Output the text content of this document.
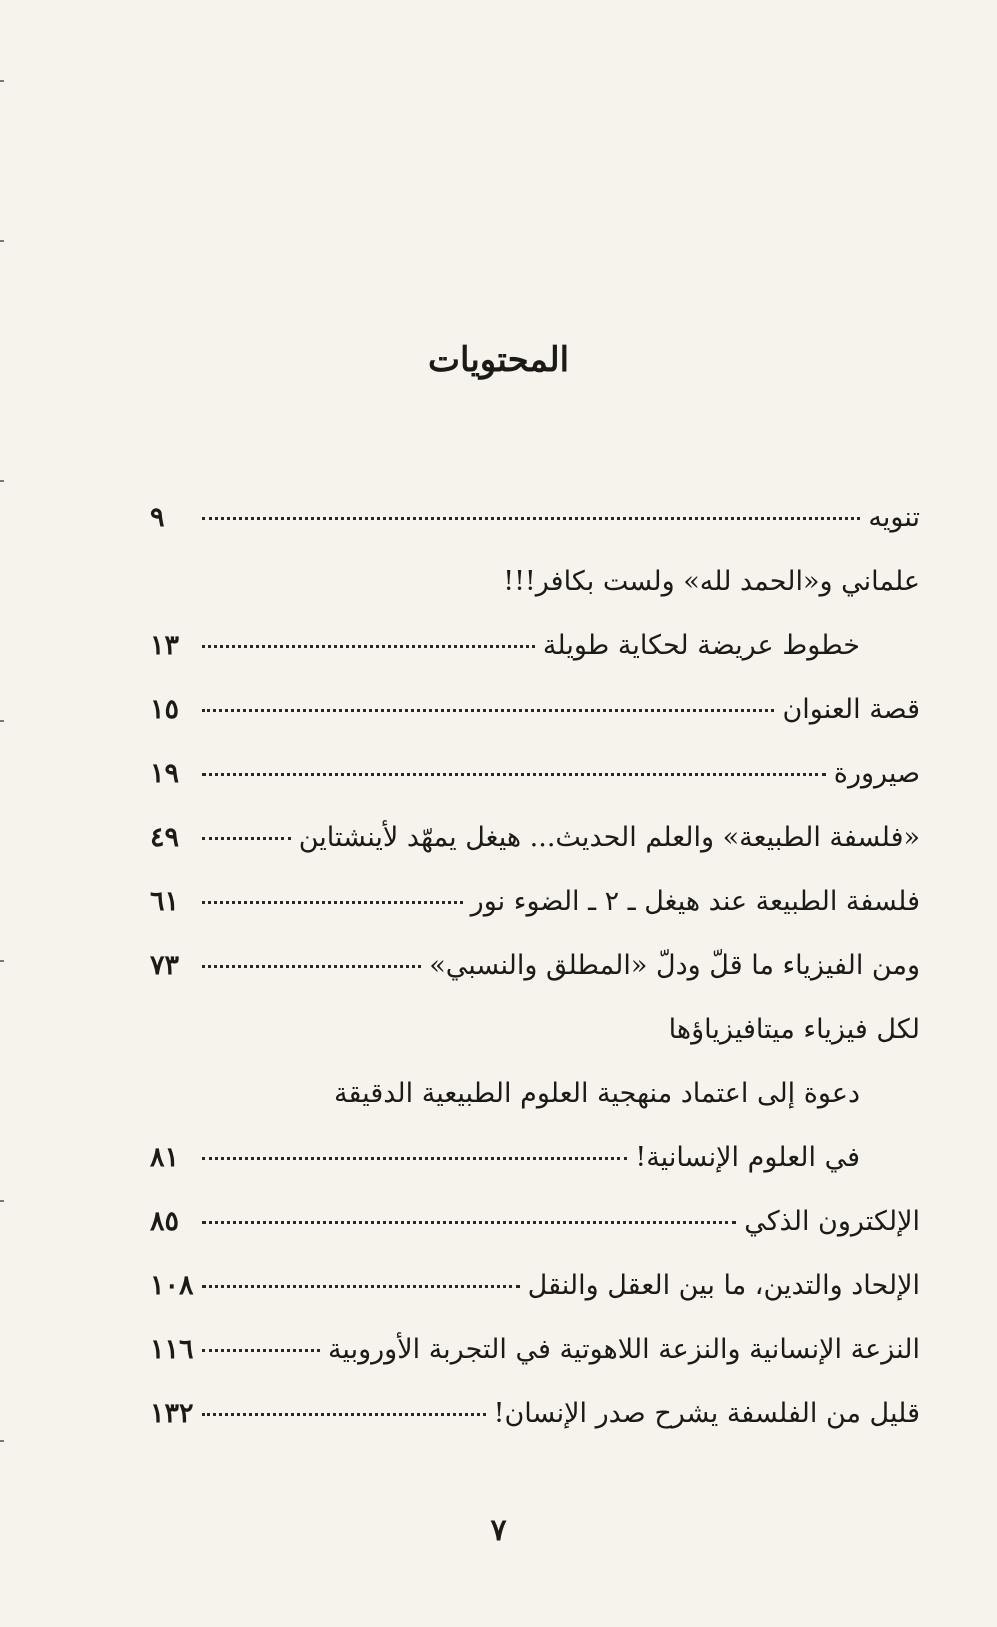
المحتويات
تنويه
٩
علماني و«الحمد لله» ولست بكافر!!!
خطوط عريضة لحكاية طويلة
١٣
قصة العنوان
١٥
صيرورة
١٩
«فلسفة الطبيعة» والعلم الحديث... هيغل يمهّد لأينشتاين
٤٩
فلسفة الطبيعة عند هيغل ـ ٢ ـ الضوء نور
٦١
ومن الفيزياء ما قلّ ودلّ «المطلق والنسبي»
٧٣
لكل فيزياء ميتافيزياؤها
دعوة إلى اعتماد منهجية العلوم الطبيعية الدقيقة
في العلوم الإنسانية!
٨١
الإلكترون الذكي
٨٥
الإلحاد والتدين، ما بين العقل والنقل
١٠٨
النزعة الإنسانية والنزعة اللاهوتية في التجربة الأوروبية
١١٦
قليل من الفلسفة يشرح صدر الإنسان!
١٣٢
٧
